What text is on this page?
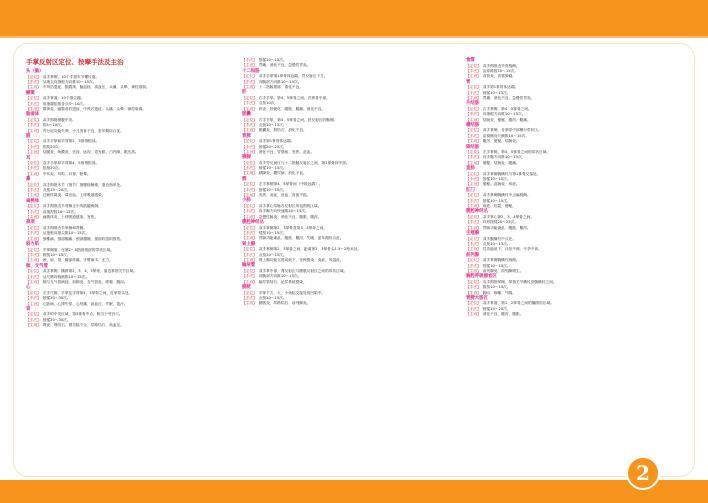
手掌反射区定位、按摩手法及主治
头（脑）
【定位】 双手掌侧，10个手指末节螺纹面。
【手法】 从指尖向指根方向推10～15次。
【主治】 中风后遗症、脑震荡、脑血栓、高血压、头痛、头晕、神经衰弱。
额窦
【定位】 双手掌面，10个指尖端。
【手法】 用指端掐按各点5～10次。
【主治】 鼻窦炎、脑震荡后遗症、中风后遗症、头痛、头晕、神经衰弱。
脑垂体
【定位】 双手拇指指腹中央。
【手法】 掐5～10次。
【主治】 内分泌功能失调、小儿发育不良、更年期综合征。
眼
【定位】 双手手掌和手背第2、3指指根部。
【手法】 掐按20次。
【主治】 结膜炎、角膜炎、近视、远视、青光眼、白内障、眼压高。
耳
【定位】 双手手掌和手背第4、5指指根部。
【手法】 掐按20次。
【主治】 中耳炎、耳鸣、耳聋、眩晕。
鼻
【定位】 双手拇指末节（指节）指腹桡侧缘，靠近指甲处。
【手法】 点按15～20次。
【主治】 过敏性鼻炎、鼻出血、上呼吸道感染。
扁桃体
【定位】 双手拇指近节背侧正中线肌腱两侧。
【手法】 双指捏按10～15次。
【主治】 扁桃体炎、上呼吸道感染、发热。
颈项
【定位】 双手拇指近节掌侧和背侧。
【手法】 从指根向指尖推10～15次。
【主治】 颈椎病、颈部酸痛、颈部僵硬、颈部软组织损伤。
斜方肌
【定位】 手掌侧面，在第2～5指指根部的带状区域。
【手法】 推按10～15次。
【主治】 颈、肩、背、腰部疼痛，手臂麻木、无力。
肺、支气管
【定位】 双手掌侧，横跨第2、3、4、5掌骨，靠近掌指关节区域。
【手法】 从尺侧向桡侧推10～15次。
【主治】 肺与支气管病症，如肺炎、支气管炎、哮喘、胸闷。
心
【定位】 左手尺侧，手掌及手背第4、5掌骨之间，近掌骨头处。
【手法】 按揉20～30次。
【主治】 心脏病、心律失常、心绞痛、高血压、失眠、盗汗。
肾
【定位】 双手的中央区域，第3掌骨中点，相当于劳宫穴。
【手法】 按揉20～30次。
【主治】 肾炎、肾结石、肾功能不全、尿路结石、高血压。
【手法】 按揉10～15次。
【主治】 胃痛、消化不良、急慢性胃炎。
十二指肠
【定位】 双手手掌第1掌骨体远端，胃反射区下方。
【手法】 向腕部方向推10～15次。
【主治】 十二指肠溃疡、消化不良。
肝
【定位】 右手手掌，第4、5掌骨之间，在掌骨中部。
【手法】 点按10次。
【主治】 肝炎、肝硬化、腹胀、腹痛、消化不良。
胆囊
【定位】 右手手掌，第4、5掌骨之间，肝反射区的腕侧。
【手法】 点按10～15次。
【主治】 胆囊炎、胆结石、消化不良。
胃脾
【定位】 双手第1掌骨体远端。
【手法】 按揉20～25次。
【主治】 消化不良、胃溃疡、发热、贫血。
胰腺
【定位】 双手胃反射区与十二指肠反射区之间，第1掌骨体中部。
【手法】 按揉10～15次。
【主治】 胰腺炎、糖尿病、消化不良。
脾
【定位】 左手掌侧第4、5掌骨间（中段远端）。
【手法】 按揉10～15次。
【主治】 发热、炎症、贫血、食欲不振。
小肠
【定位】 双手掌心结肠各反射区所包围的区域。
【手法】 向手腕方向快速推10～15次。
【主治】 急慢性肠炎、消化不良、腹胀、腹泻。
腹腔神经丛
【定位】 双手掌侧第2、3掌骨及第3、4掌骨之间。
【手法】 揉按10～15次。
【主治】 胃肠功能紊乱、腹胀、腹泻、失眠、更年期综合征。
肾上腺
【定位】 双手掌侧第2、3掌骨之间，距离第2、3掌骨头1.5～2厘米处。
【手法】 点按10～15次。
【主治】 肾上腺功能亢进或低下、各种感染、炎症、风湿症。
输尿管
【定位】 双手掌中部，肾反射区与膀胱反射区之间的带状区域。
【手法】 向腕部方向推10～15次。
【主治】 输尿管结石、泌尿系统感染。
膀胱
【定位】 手掌下方，大、小鱼际交接处的凹陷中。
【手法】 点按10～15次。
【主治】 膀胱炎、尿路结石、前列腺炎。
食管
【定位】 双手拇指近节骨桡侧。
【手法】 沿骨推按10～15次。
【主治】 食管炎、食管肿瘤。
胃
【定位】 双手第1掌骨体远端。
【手法】 按揉10～15次。
【主治】 胃痛、消化不良、急慢性胃炎。
升结肠
【定位】 右手掌侧，第4、5掌骨之间。
【手法】 向指根方向推10～15次。
【主治】 结肠炎、便秘、腹泻、腹痛。
横结肠
【定位】 双手掌侧，各掌骨中部横行带状区。
【手法】 由桡侧向尺侧推10～15次。
【主治】 腹泻、便秘、结肠炎。
降结肠
【定位】 左手掌侧，第4、5掌骨之间的带状区域。
【手法】 向手腕方向推10～15次。
【主治】 便秘、结肠炎、腹痛。
直肠
【定位】 双手掌侧腕横纹与第1掌骨交接处。
【手法】 按揉10～15次。
【主治】 便秘、直肠炎、痔疮。
肛门
【定位】 双手掌侧腕横纹中点偏桡侧。
【手法】 按揉10～15次。
【主治】 痔疮、肛裂、便秘。
腹腔神经丛
【定位】 双手掌心第2、3、4掌骨之间。
【手法】 环形按揉20～25次。
【主治】 胃肠功能紊乱、腹胀、腹泻。
生殖腺
【定位】 双手腕横纹中点处。
【手法】 点按10～15次。
【主治】 性功能低下、月经不调、不孕不育。
前列腺
【定位】 双手掌侧腕横纹两侧。
【手法】 按揉10～15次。
【主治】 前列腺炎、前列腺增生。
胸腔呼吸器官区
【定位】 双手拇指掌侧，掌指关节横纹至腕横纹之间。
【手法】 推按10～15次。
【主治】 胸闷、咳嗽、气喘。
胃脾大肠区
【定位】 双手掌面，第1、2掌骨之间的椭圆形区域。
【手法】 按揉15～20次。
【主治】 消化不良、腹泻、腹胀。
2
